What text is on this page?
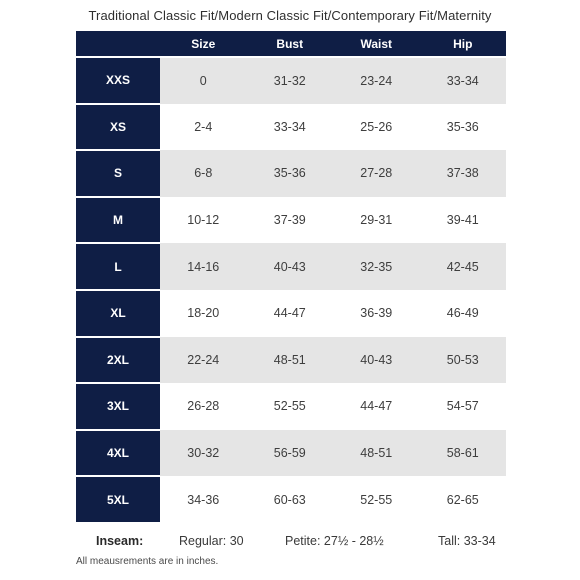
Traditional Classic Fit/Modern Classic Fit/Contemporary Fit/Maternity
	Size	Bust	Waist	Hip
XXS	0	31-32	23-24	33-34
XS	2-4	33-34	25-26	35-36
S	6-8	35-36	27-28	37-38
M	10-12	37-39	29-31	39-41
L	14-16	40-43	32-35	42-45
XL	18-20	44-47	36-39	46-49
2XL	22-24	48-51	40-43	50-53
3XL	26-28	52-55	44-47	54-57
4XL	30-32	56-59	48-51	58-61
5XL	34-36	60-63	52-55	62-65
Inseam:	Regular: 30	Petite: 27½ - 28½	Tall: 33-34
All meausrements are in inches.
